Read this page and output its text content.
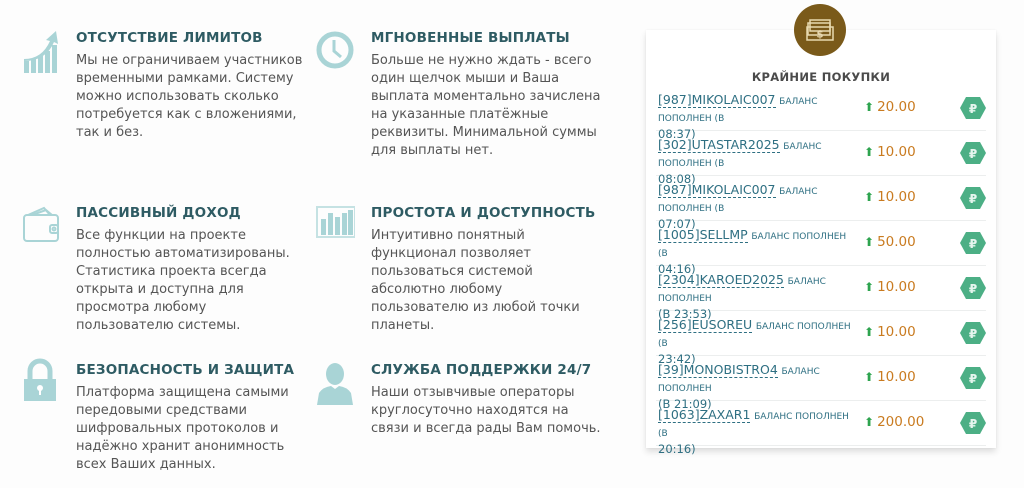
ОТСУТСТВИЕ ЛИМИТОВ
Мы не ограничиваем участников временными рамками. Систему можно использовать сколько потребуется как с вложениями, так и без.
МГНОВЕННЫЕ ВЫПЛАТЫ
Больше не нужно ждать - всего один щелчок мыши и Ваша выплата моментально зачислена на указанные платёжные реквизиты. Минимальной суммы для выплаты нет.
ПАССИВНЫЙ ДОХОД
Все функции на проекте полностью автоматизированы. Статистика проекта всегда открыта и доступна для просмотра любому пользователю системы.
ПРОСТОТА И ДОСТУПНОСТЬ
Интуитивно понятный функционал позволяет пользоваться системой абсолютно любому пользователю из любой точки планеты.
БЕЗОПАСНОСТЬ И ЗАЩИТА
Платформа защищена самыми передовыми средствами шифровальных протоколов и надёжно хранит анонимность всех Ваших данных.
СЛУЖБА ПОДДЕРЖКИ 24/7
Наши отзывчивые операторы круглосуточно находятся на связи и всегда рады Вам помочь.
$
КРАЙНИЕ ПОКУПКИ
[987]MIKOLAIC007 БАЛАНС ПОПОЛНЕН (В
08:37)
⬆ 20.00	₽
[302]UTASTAR2025 БАЛАНС ПОПОЛНЕН (В
08:08)
⬆ 10.00	₽
[987]MIKOLAIC007 БАЛАНС ПОПОЛНЕН (В
07:07)
⬆ 10.00	₽
[1005]SELLMP БАЛАНС ПОПОЛНЕН (В
04:16)
⬆ 50.00	₽
[2304]KAROED2025 БАЛАНС ПОПОЛНЕН
(В 23:53)
⬆ 10.00	₽
[256]EUSOREU БАЛАНС ПОПОЛНЕН (В
23:42)
⬆ 10.00	₽
[39]MONOBISTRO4 БАЛАНС ПОПОЛНЕН
(В 21:09)
⬆ 10.00	₽
[1063]ZAXAR1 БАЛАНС ПОПОЛНЕН (В
20:16)
⬆ 200.00	₽
